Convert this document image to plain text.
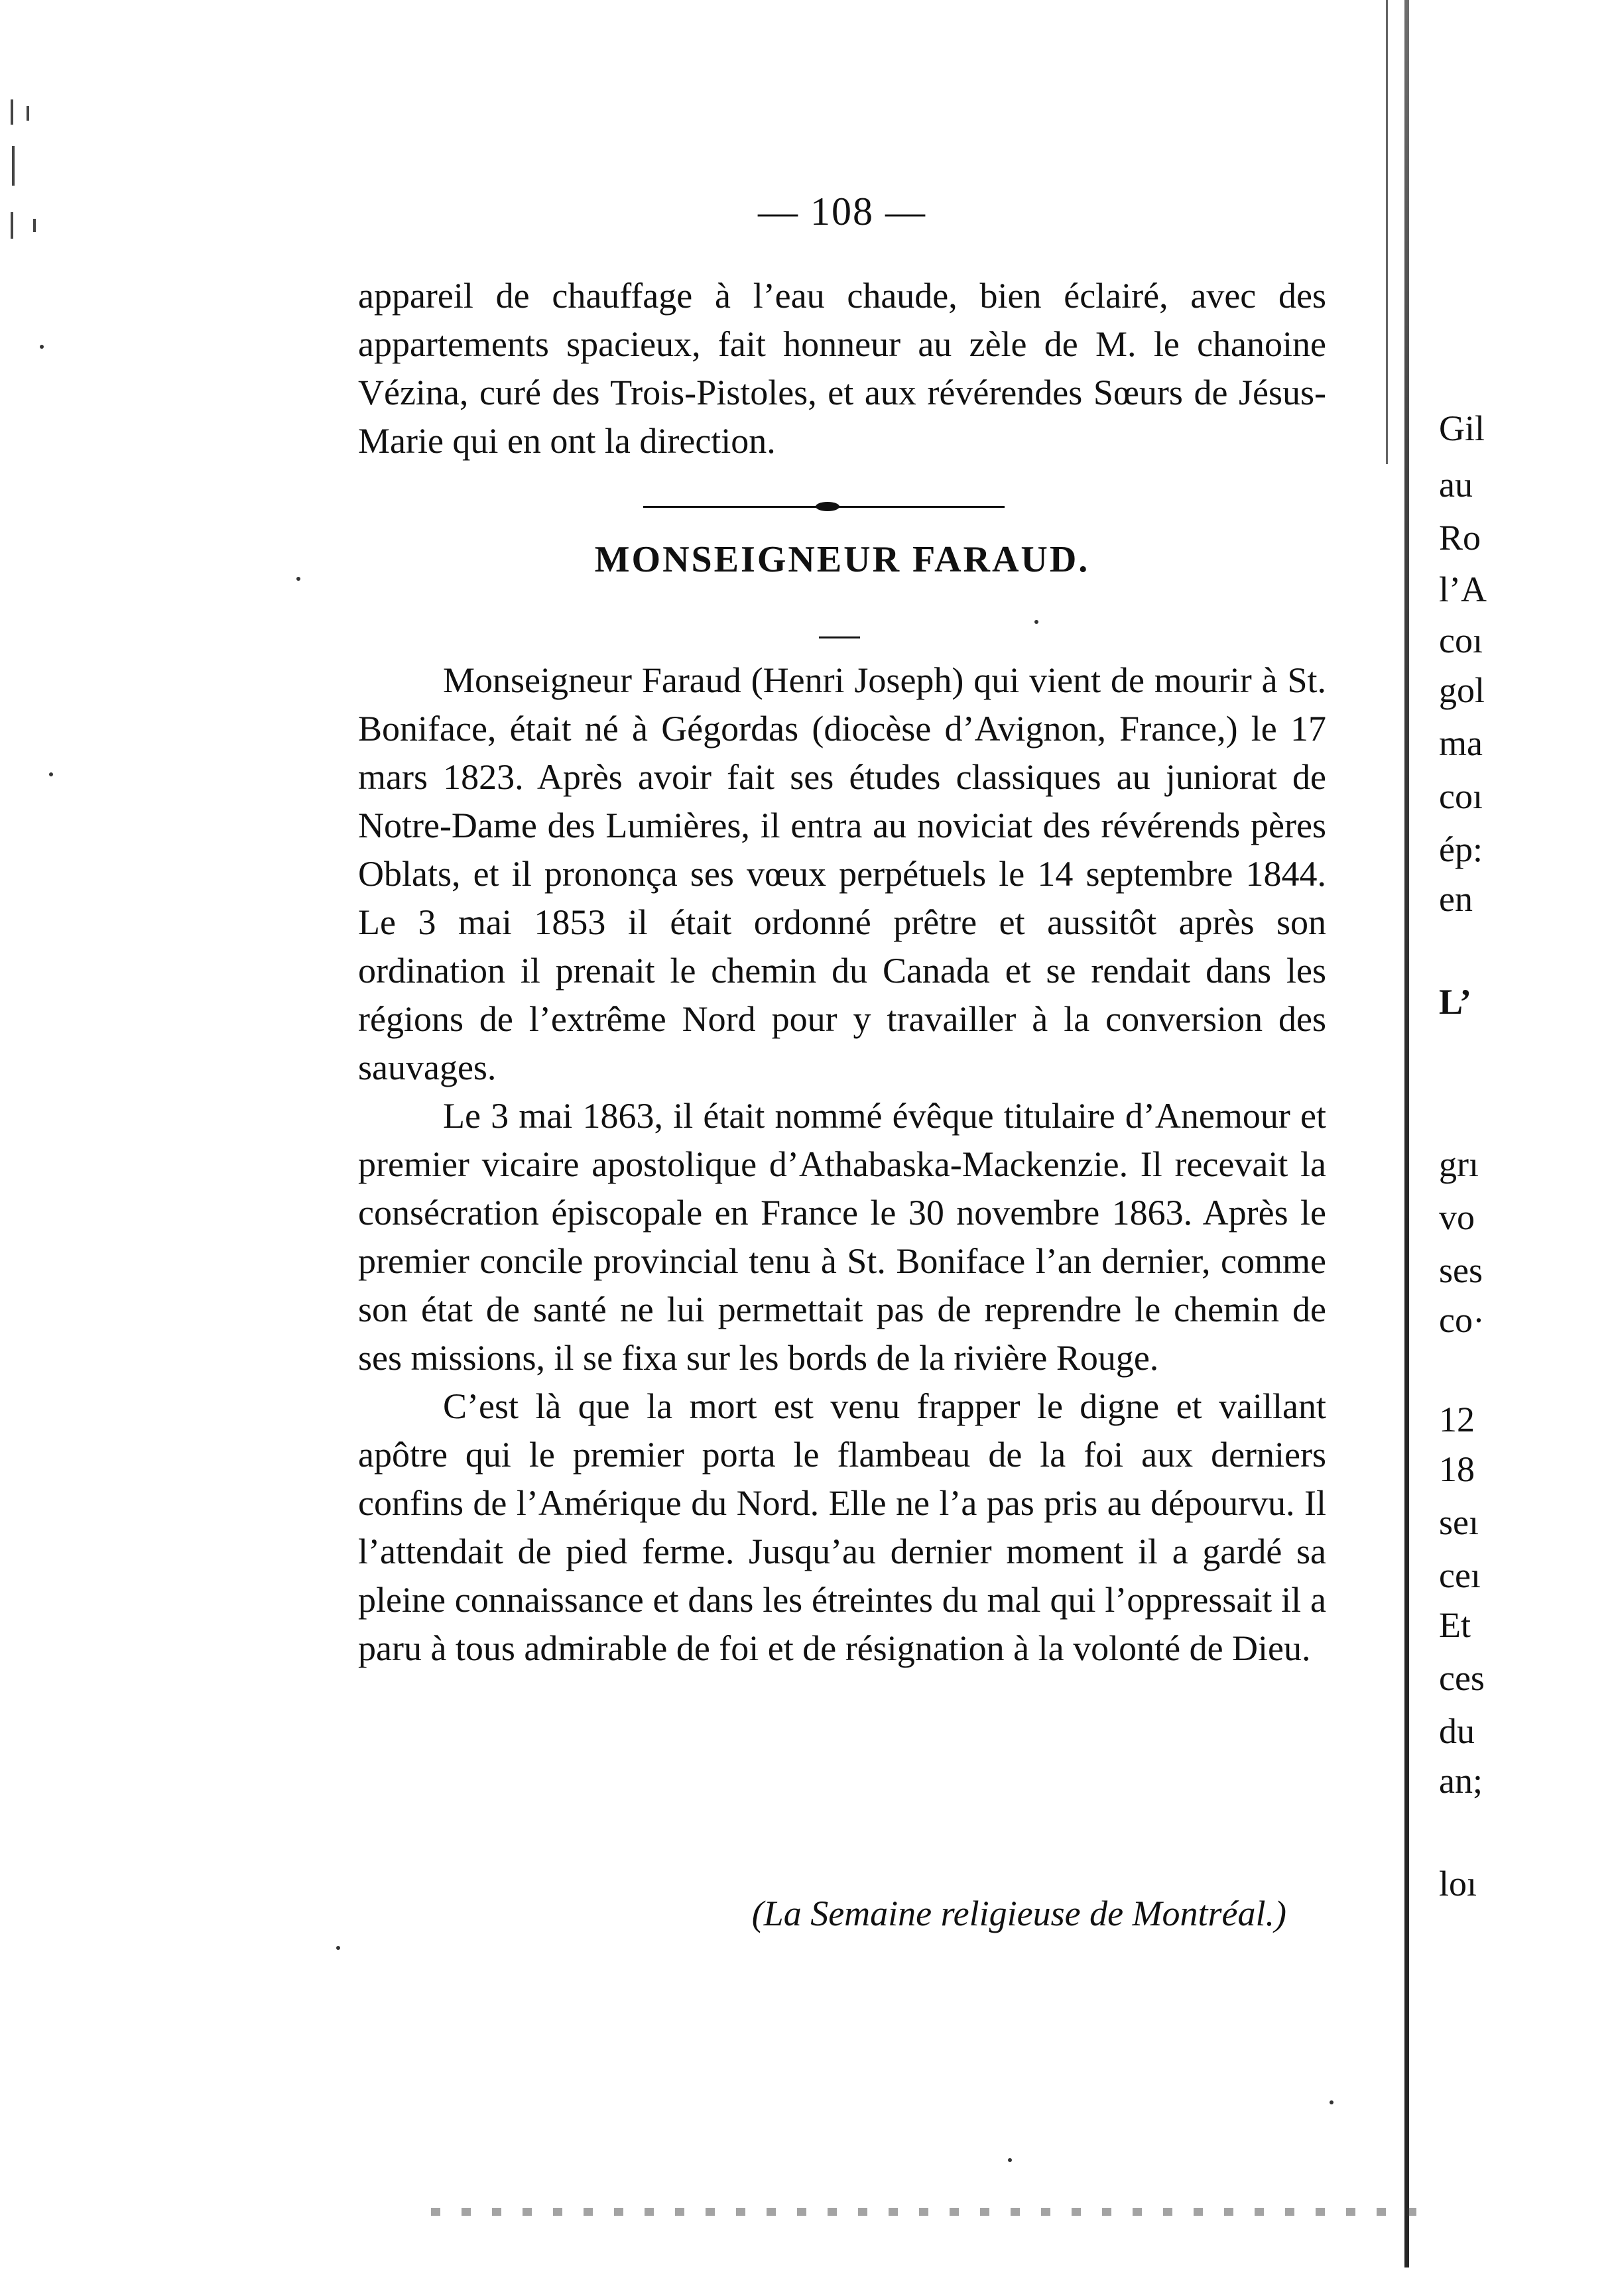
— 108 —

appareil de chauffage à l’eau chaude, bien éclairé, avec des appartements spacieux, fait honneur au zèle de M. le chanoine Vézina, curé des Trois-Pistoles, et aux révérendes Sœurs de Jésus-Marie qui en ont la direction.

MONSEIGNEUR FARAUD.

Monseigneur Faraud (Henri Joseph) qui vient de mourir à St. Boniface, était né à Gégordas (diocèse d’Avignon, France,) le 17 mars 1823. Après avoir fait ses études classiques au juniorat de Notre-Dame des Lumières, il entra au noviciat des révérends pères Oblats, et il prononça ses vœux perpétuels le 14 septembre 1844. Le 3 mai 1853 il était ordonné prêtre et aussitôt après son ordination il prenait le chemin du Canada et se rendait dans les régions de l’extrême Nord pour y travailler à la conversion des sauvages.

Le 3 mai 1863, il était nommé évêque titulaire d’Anemour et premier vicaire apostolique d’Athabaska-Mackenzie. Il recevait la consécration épiscopale en France le 30 novembre 1863. Après le premier concile provincial tenu à St. Boniface l’an dernier, comme son état de santé ne lui permettait pas de reprendre le chemin de ses missions, il se fixa sur les bords de la rivière Rouge.

C’est là que la mort est venu frapper le digne et vaillant apôtre qui le premier porta le flambeau de la foi aux derniers confins de l’Amérique du Nord. Elle ne l’a pas pris au dépourvu. Il l’attendait de pied ferme. Jusqu’au dernier moment il a gardé sa pleine connaissance et dans les étreintes du mal qui l’oppressait il a paru à tous admirable de foi et de résignation à la volonté de Dieu.

(La Semaine religieuse de Montréal.)
Gil
au
Ro
l’A
coı
gol
ma
coı
ép:
en
L’
grı
vo
ses
co·
12
18
seı
ceı
Et
ces
du
an;
loı
